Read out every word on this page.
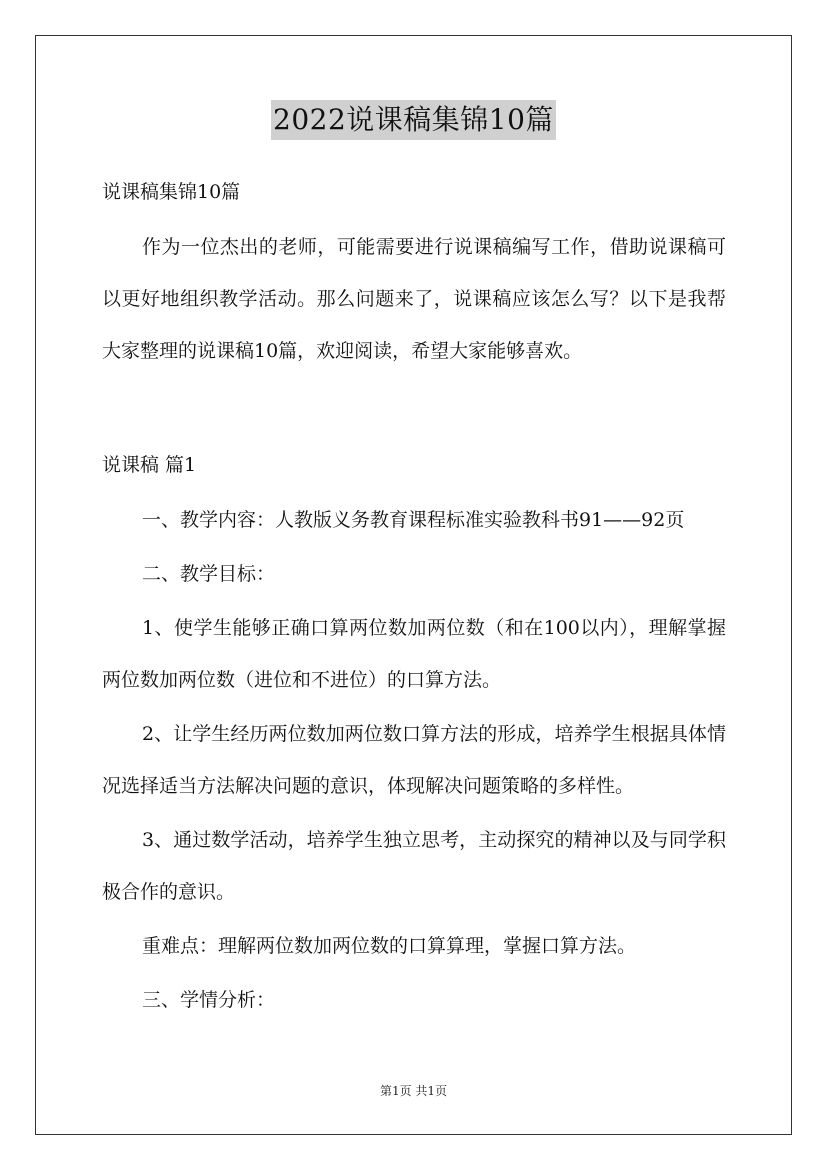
2022说课稿集锦10篇

说课稿集锦10篇

作为一位杰出的老师，可能需要进行说课稿编写工作，借助说课稿可以更好地组织教学活动。那么问题来了，说课稿应该怎么写？以下是我帮大家整理的说课稿10篇，欢迎阅读，希望大家能够喜欢。

说课稿 篇1

一、教学内容：人教版义务教育课程标准实验教科书91——92页

二、教学目标：

1、使学生能够正确口算两位数加两位数（和在100以内），理解掌握两位数加两位数（进位和不进位）的口算方法。

2、让学生经历两位数加两位数口算方法的形成，培养学生根据具体情况选择适当方法解决问题的意识，体现解决问题策略的多样性。

3、通过数学活动，培养学生独立思考，主动探究的精神以及与同学积极合作的意识。

重难点：理解两位数加两位数的口算算理，掌握口算方法。

三、学情分析：

第1页 共1页
